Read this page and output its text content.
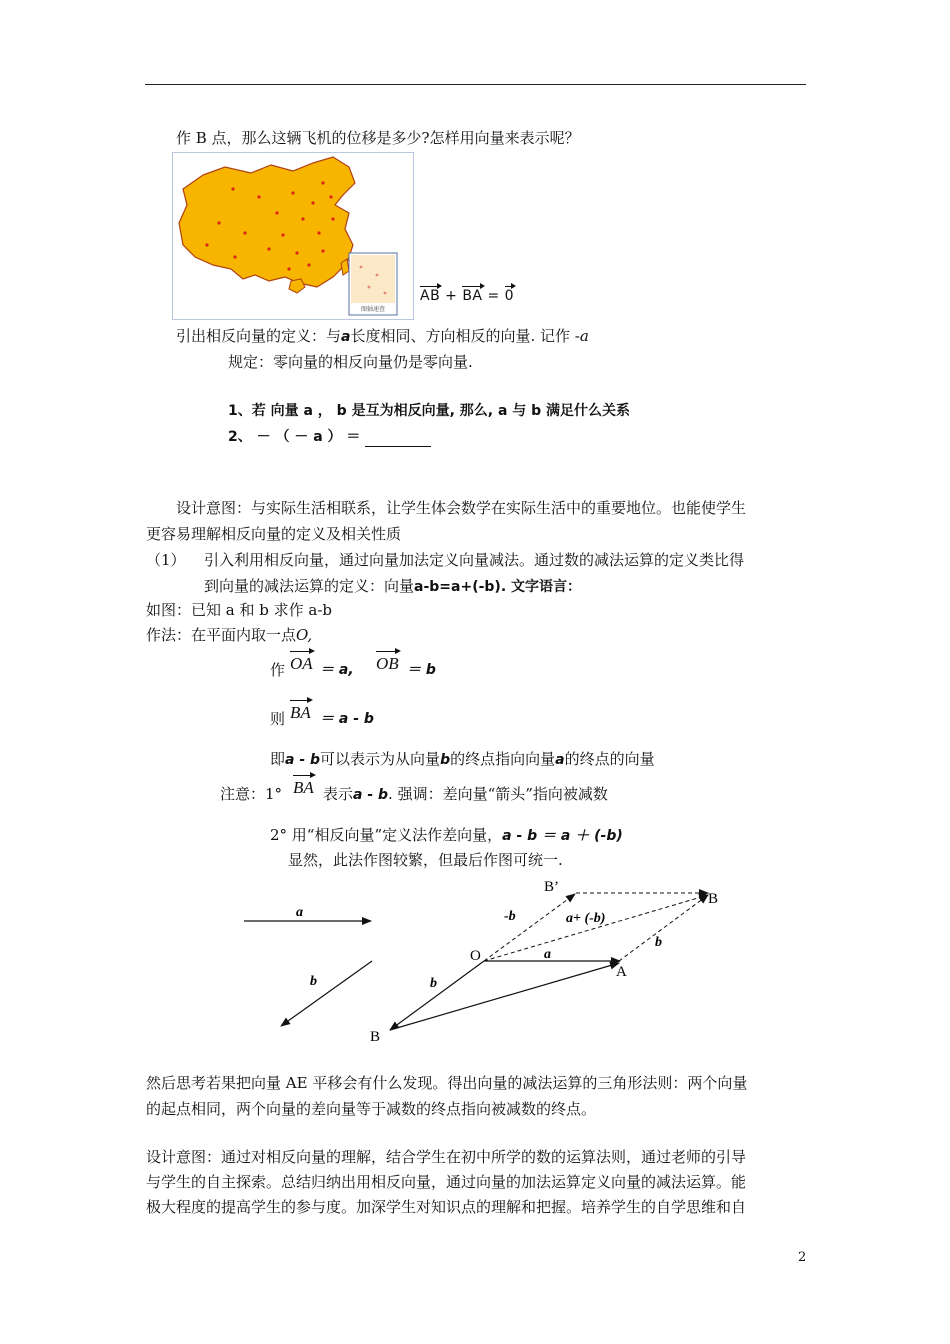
作 B 点，那么这辆飞机的位移是多少?怎样用向量来表示呢？
图轴速查
AB + BA = 0
引出相反向量的定义：与a长度相同、方向相反的向量. 记作 -a
规定：零向量的相反向量仍是零向量.
1、若 向量 a ， b 是互为相反向量, 那么, a 与 b 满足什么关系
2、 － （ － a ） ＝
设计意图：与实际生活相联系，让学生体会数学在实际生活中的重要地位。也能使学生
更容易理解相反向量的定义及相关性质
（1） 引入利用相反向量，通过向量加法定义向量减法。通过数的减法运算的定义类比得
到向量的减法运算的定义：向量a-b=a+(-b). 文字语言：
如图：已知 a 和 b 求作 a-b
作法：在平面内取一点O,
作 OA ＝ a, OB ＝ b
则 BA ＝ a - b
即a - b可以表示为从向量b的终点指向向量a的终点的向量
注意：1° BA 表示a - b. 强调：差向量“箭头”指向被减数
2° 用“相反向量”定义法作差向量，a - b ＝ a ＋ (-b)
显然，此法作图较繁，但最后作图可统一.
a
b
O
A
B
B’
-b	a+ (-b)
b
a
b
B
然后思考若果把向量 AE 平移会有什么发现。得出向量的减法运算的三角形法则：两个向量
的起点相同，两个向量的差向量等于减数的终点指向被减数的终点。
设计意图：通过对相反向量的理解，结合学生在初中所学的数的运算法则，通过老师的引导
与学生的自主探索。总结归纳出用相反向量，通过向量的加法运算定义向量的减法运算。能
极大程度的提高学生的参与度。加深学生对知识点的理解和把握。培养学生的自学思维和自
2
